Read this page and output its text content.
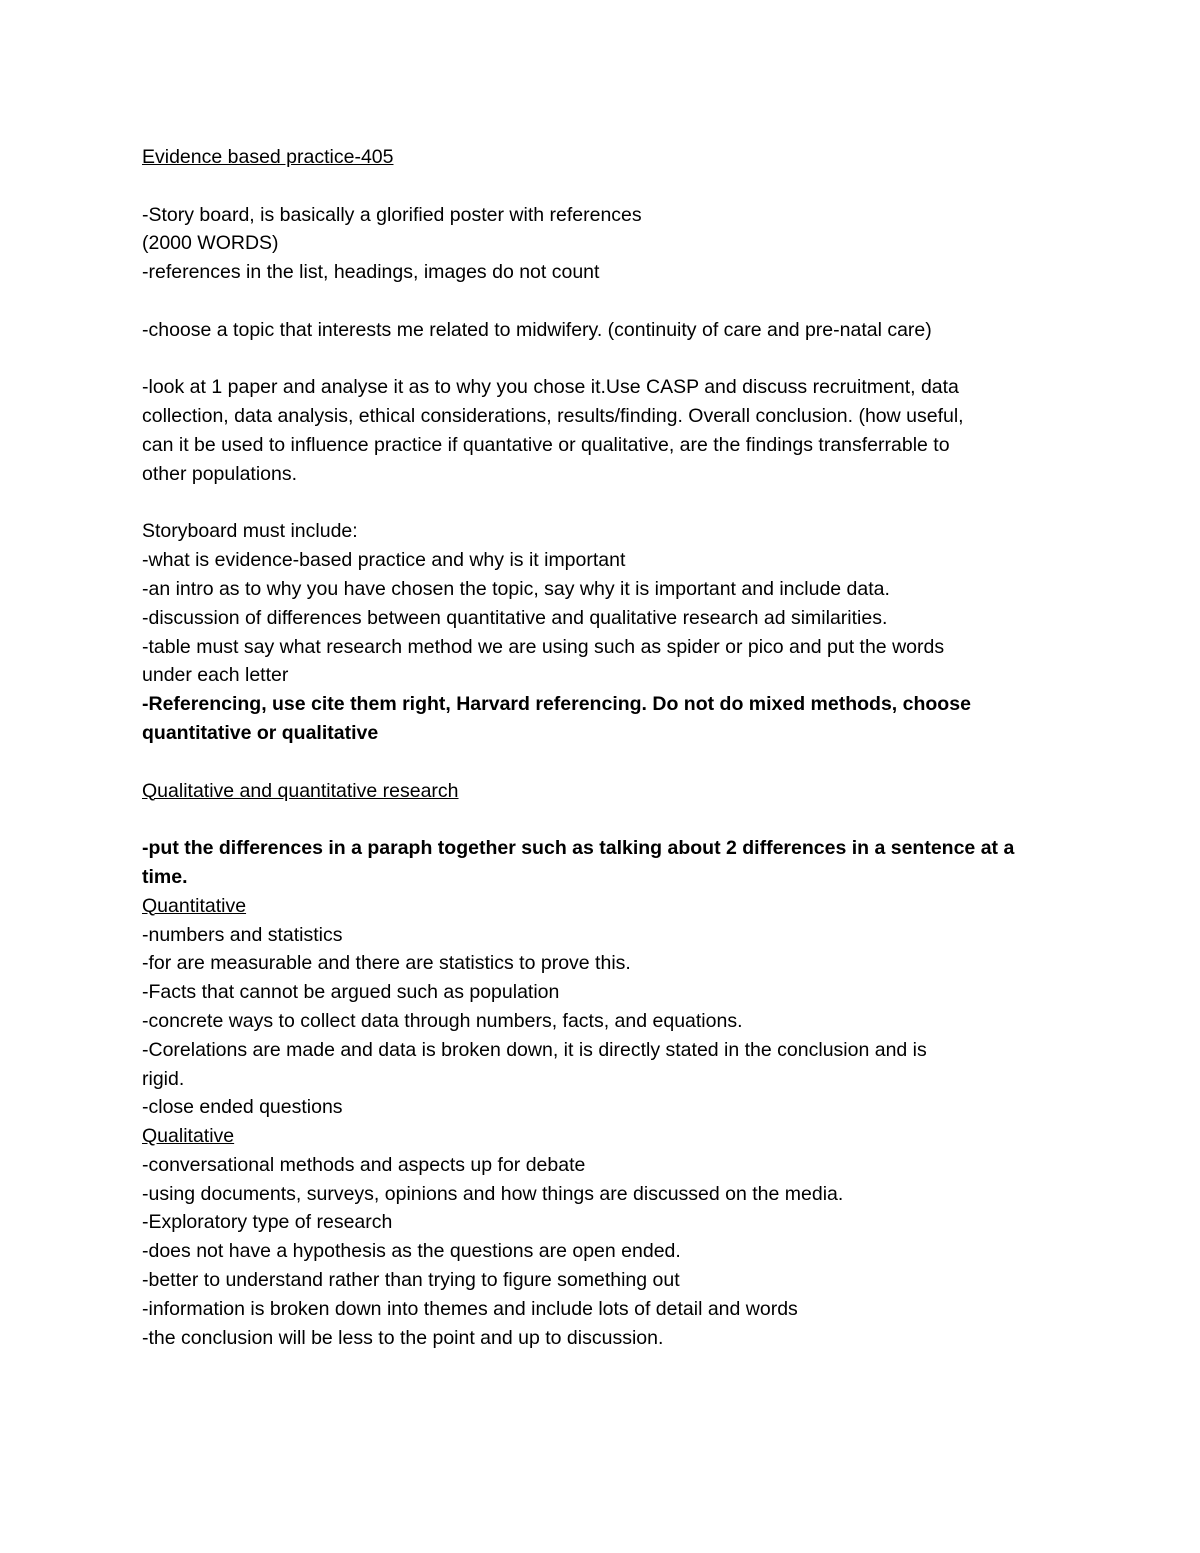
Evidence based practice-405

-Story board, is basically a glorified poster with references

(2000 WORDS)

-references in the list, headings, images do not count

-choose a topic that interests me related to midwifery. (continuity of care and pre-natal care)

-look at 1 paper and analyse it as to why you chose it.Use CASP and discuss recruitment, data

collection, data analysis, ethical considerations, results/finding. Overall conclusion. (how useful,

can it be used to influence practice if quantative or qualitative, are the findings transferrable to

other populations.

Storyboard must include:

-what is evidence-based practice and why is it important

-an intro as to why you have chosen the topic, say why it is important and include data.

-discussion of differences between quantitative and qualitative research ad similarities.

-table must say what research method we are using such as spider or pico and put the words

under each letter

-Referencing, use cite them right, Harvard referencing. Do not do mixed methods, choose

quantitative or qualitative

Qualitative and quantitative research

-put the differences in a paraph together such as talking about 2 differences in a sentence at a

time.

Quantitative

-numbers and statistics

-for are measurable and there are statistics to prove this.

-Facts that cannot be argued such as population

-concrete ways to collect data through numbers, facts, and equations.

-Corelations are made and data is broken down, it is directly stated in the conclusion and is

rigid.

-close ended questions

Qualitative

-conversational methods and aspects up for debate

-using documents, surveys, opinions and how things are discussed on the media.

-Exploratory type of research

-does not have a hypothesis as the questions are open ended.

-better to understand rather than trying to figure something out

-information is broken down into themes and include lots of detail and words

-the conclusion will be less to the point and up to discussion.
